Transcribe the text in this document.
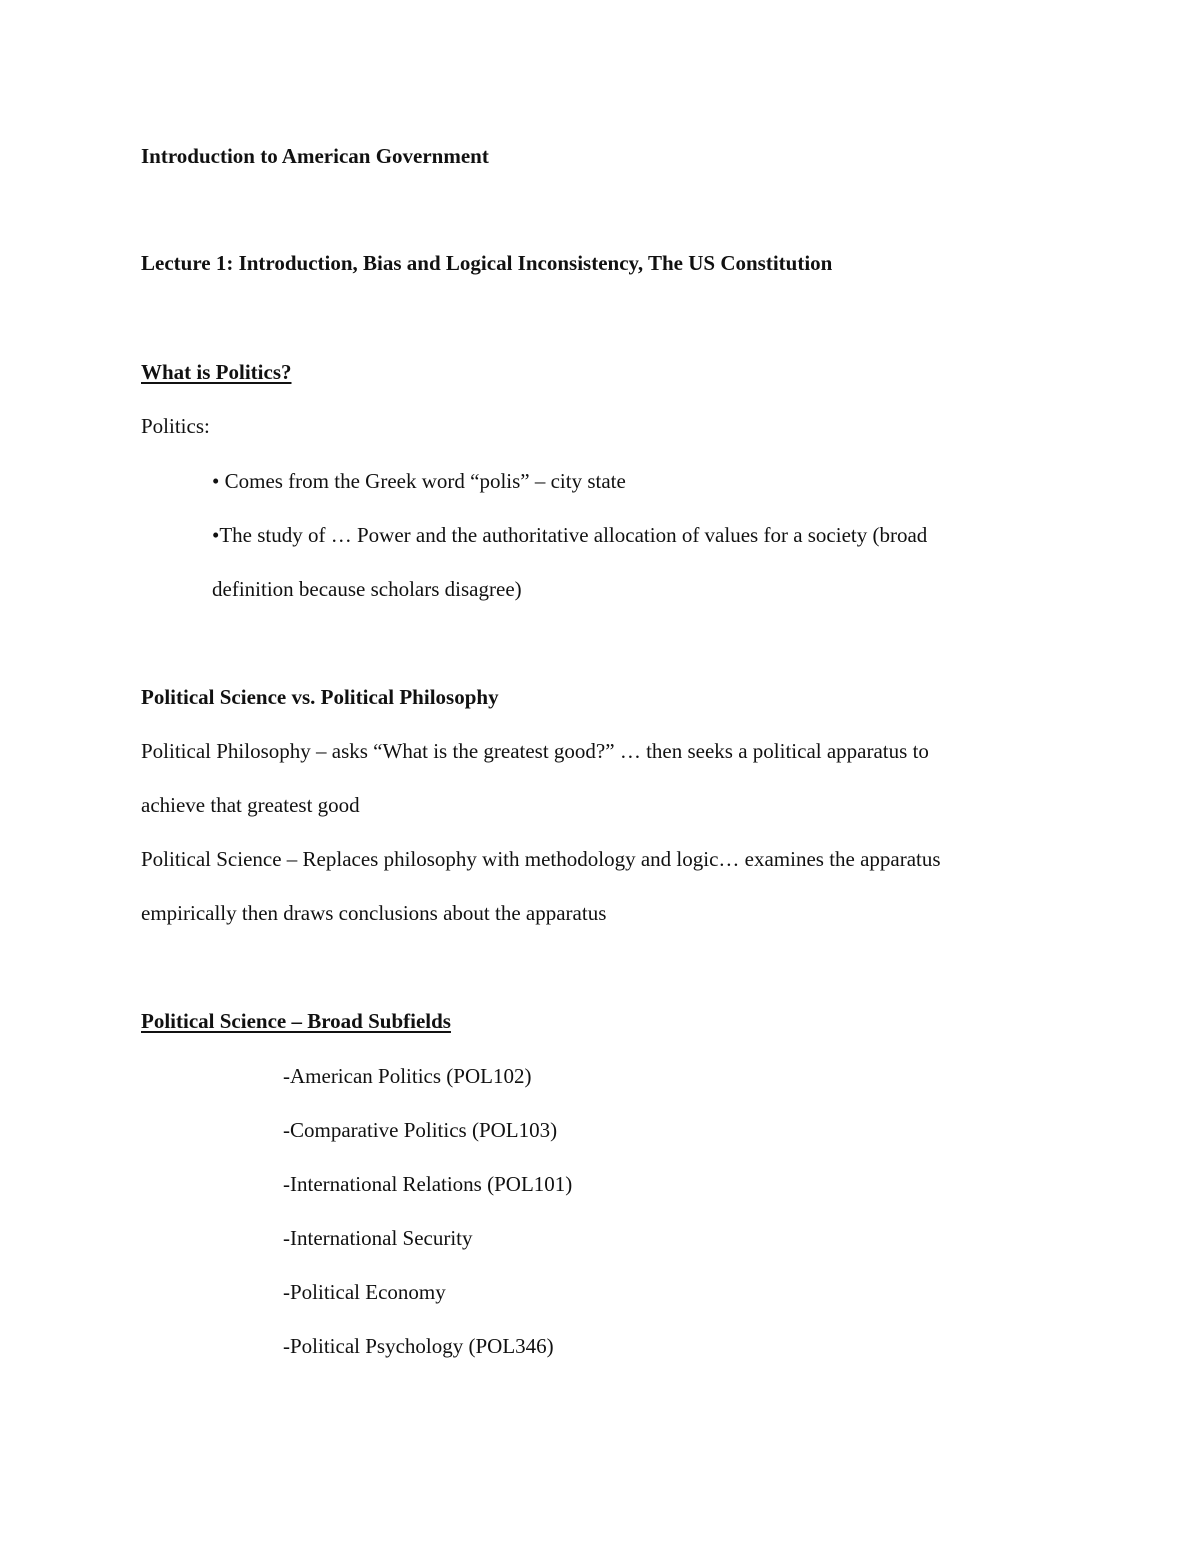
Introduction to American Government
Lecture 1: Introduction, Bias and Logical Inconsistency, The US Constitution
What is Politics?
Politics:
• Comes from the Greek word “polis” – city state
•The study of … Power and the authoritative allocation of values for a society (broad
definition because scholars disagree)
Political Science vs. Political Philosophy
Political Philosophy – asks “What is the greatest good?” … then seeks a political apparatus to
achieve that greatest good
Political Science – Replaces philosophy with methodology and logic… examines the apparatus
empirically then draws conclusions about the apparatus
Political Science – Broad Subfields
-American Politics (POL102)
-Comparative Politics (POL103)
-International Relations (POL101)
-International Security
-Political Economy
-Political Psychology (POL346)
